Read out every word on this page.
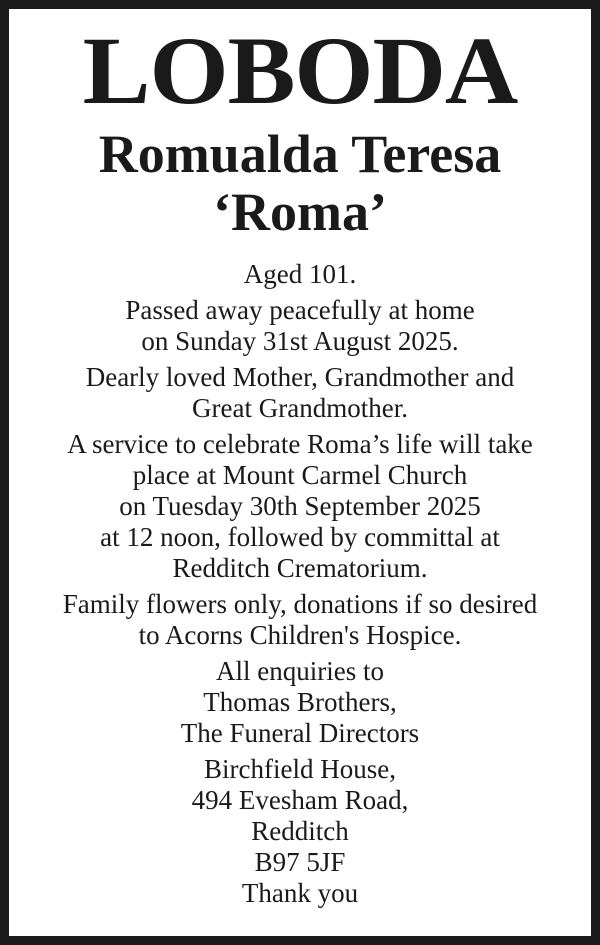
LOBODA
Romualda Teresa
‘Roma’

Aged 101.

Passed away peacefully at home
on Sunday 31st August 2025.

Dearly loved Mother, Grandmother and
Great Grandmother.

A service to celebrate Roma’s life will take
place at Mount Carmel Church
on Tuesday 30th September 2025
at 12 noon, followed by committal at
Redditch Crematorium.

Family flowers only, donations if so desired
to Acorns Children's Hospice.

All enquiries to
Thomas Brothers,
The Funeral Directors

Birchfield House,
494 Evesham Road,
Redditch
B97 5JF
Thank you
